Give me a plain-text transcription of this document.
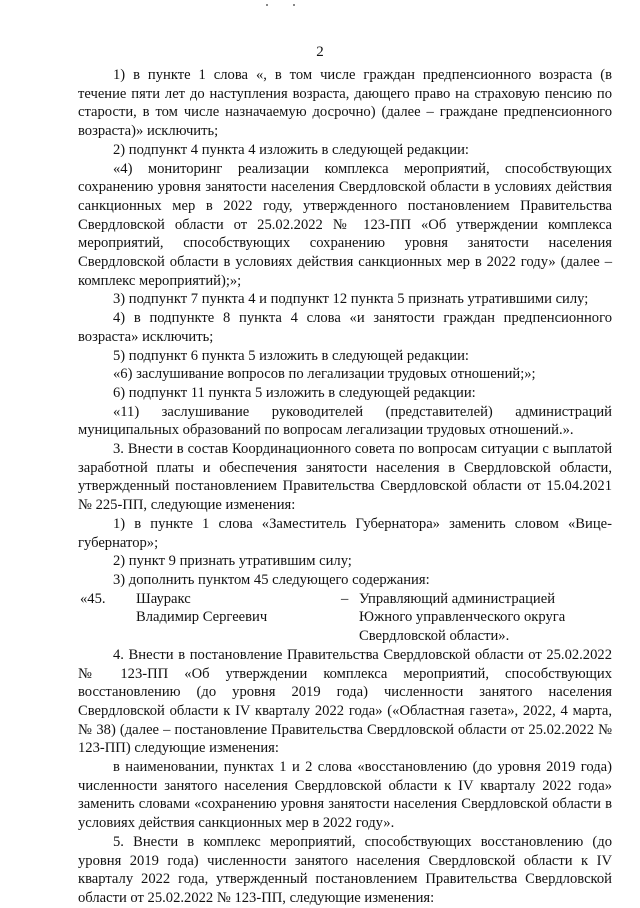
2

1) в пункте 1 слова «, в том числе граждан предпенсионного возраста (в течение пяти лет до наступления возраста, дающего право на страховую пенсию по старости, в том числе назначаемую досрочно) (далее – граждане предпенсионного возраста)» исключить;

2) подпункт 4 пункта 4 изложить в следующей редакции:

«4) мониторинг реализации комплекса мероприятий, способствующих сохранению уровня занятости населения Свердловской области в условиях действия санкционных мер в 2022 году, утвержденного постановлением Правительства Свердловской области от 25.02.2022 № 123-ПП «Об утверждении комплекса мероприятий, способствующих сохранению уровня занятости населения Свердловской области в условиях действия санкционных мер в 2022 году» (далее – комплекс мероприятий);»;

3) подпункт 7 пункта 4 и подпункт 12 пункта 5 признать утратившими силу;

4) в подпункте 8 пункта 4 слова «и занятости граждан предпенсионного возраста» исключить;

5) подпункт 6 пункта 5 изложить в следующей редакции:

«6) заслушивание вопросов по легализации трудовых отношений;»;

6) подпункт 11 пункта 5 изложить в следующей редакции:

«11) заслушивание руководителей (представителей) администраций муниципальных образований по вопросам легализации трудовых отношений.».

3. Внести в состав Координационного совета по вопросам ситуации с выплатой заработной платы и обеспечения занятости населения в Свердловской области, утвержденный постановлением Правительства Свердловской области от 15.04.2021 № 225-ПП, следующие изменения:

1) в пункте 1 слова «Заместитель Губернатора» заменить словом «Вице-губернатор»;

2) пункт 9 признать утратившим силу;

3) дополнить пунктом 45 следующего содержания:

«45.	Шауракс
Владимир Сергеевич
– Управляющий администрацией Южного управленческого округа Свердловской области».

4. Внести в постановление Правительства Свердловской области от 25.02.2022 № 123-ПП «Об утверждении комплекса мероприятий, способствующих восстановлению (до уровня 2019 года) численности занятого населения Свердловской области к IV кварталу 2022 года» («Областная газета», 2022, 4 марта, № 38) (далее – постановление Правительства Свердловской области от 25.02.2022 № 123-ПП) следующие изменения:

в наименовании, пунктах 1 и 2 слова «восстановлению (до уровня 2019 года) численности занятого населения Свердловской области к IV кварталу 2022 года» заменить словами «сохранению уровня занятости населения Свердловской области в условиях действия санкционных мер в 2022 году».

5. Внести в комплекс мероприятий, способствующих восстановлению (до уровня 2019 года) численности занятого населения Свердловской области к IV кварталу 2022 года, утвержденный постановлением Правительства Свердловской области от 25.02.2022 № 123-ПП, следующие изменения:
